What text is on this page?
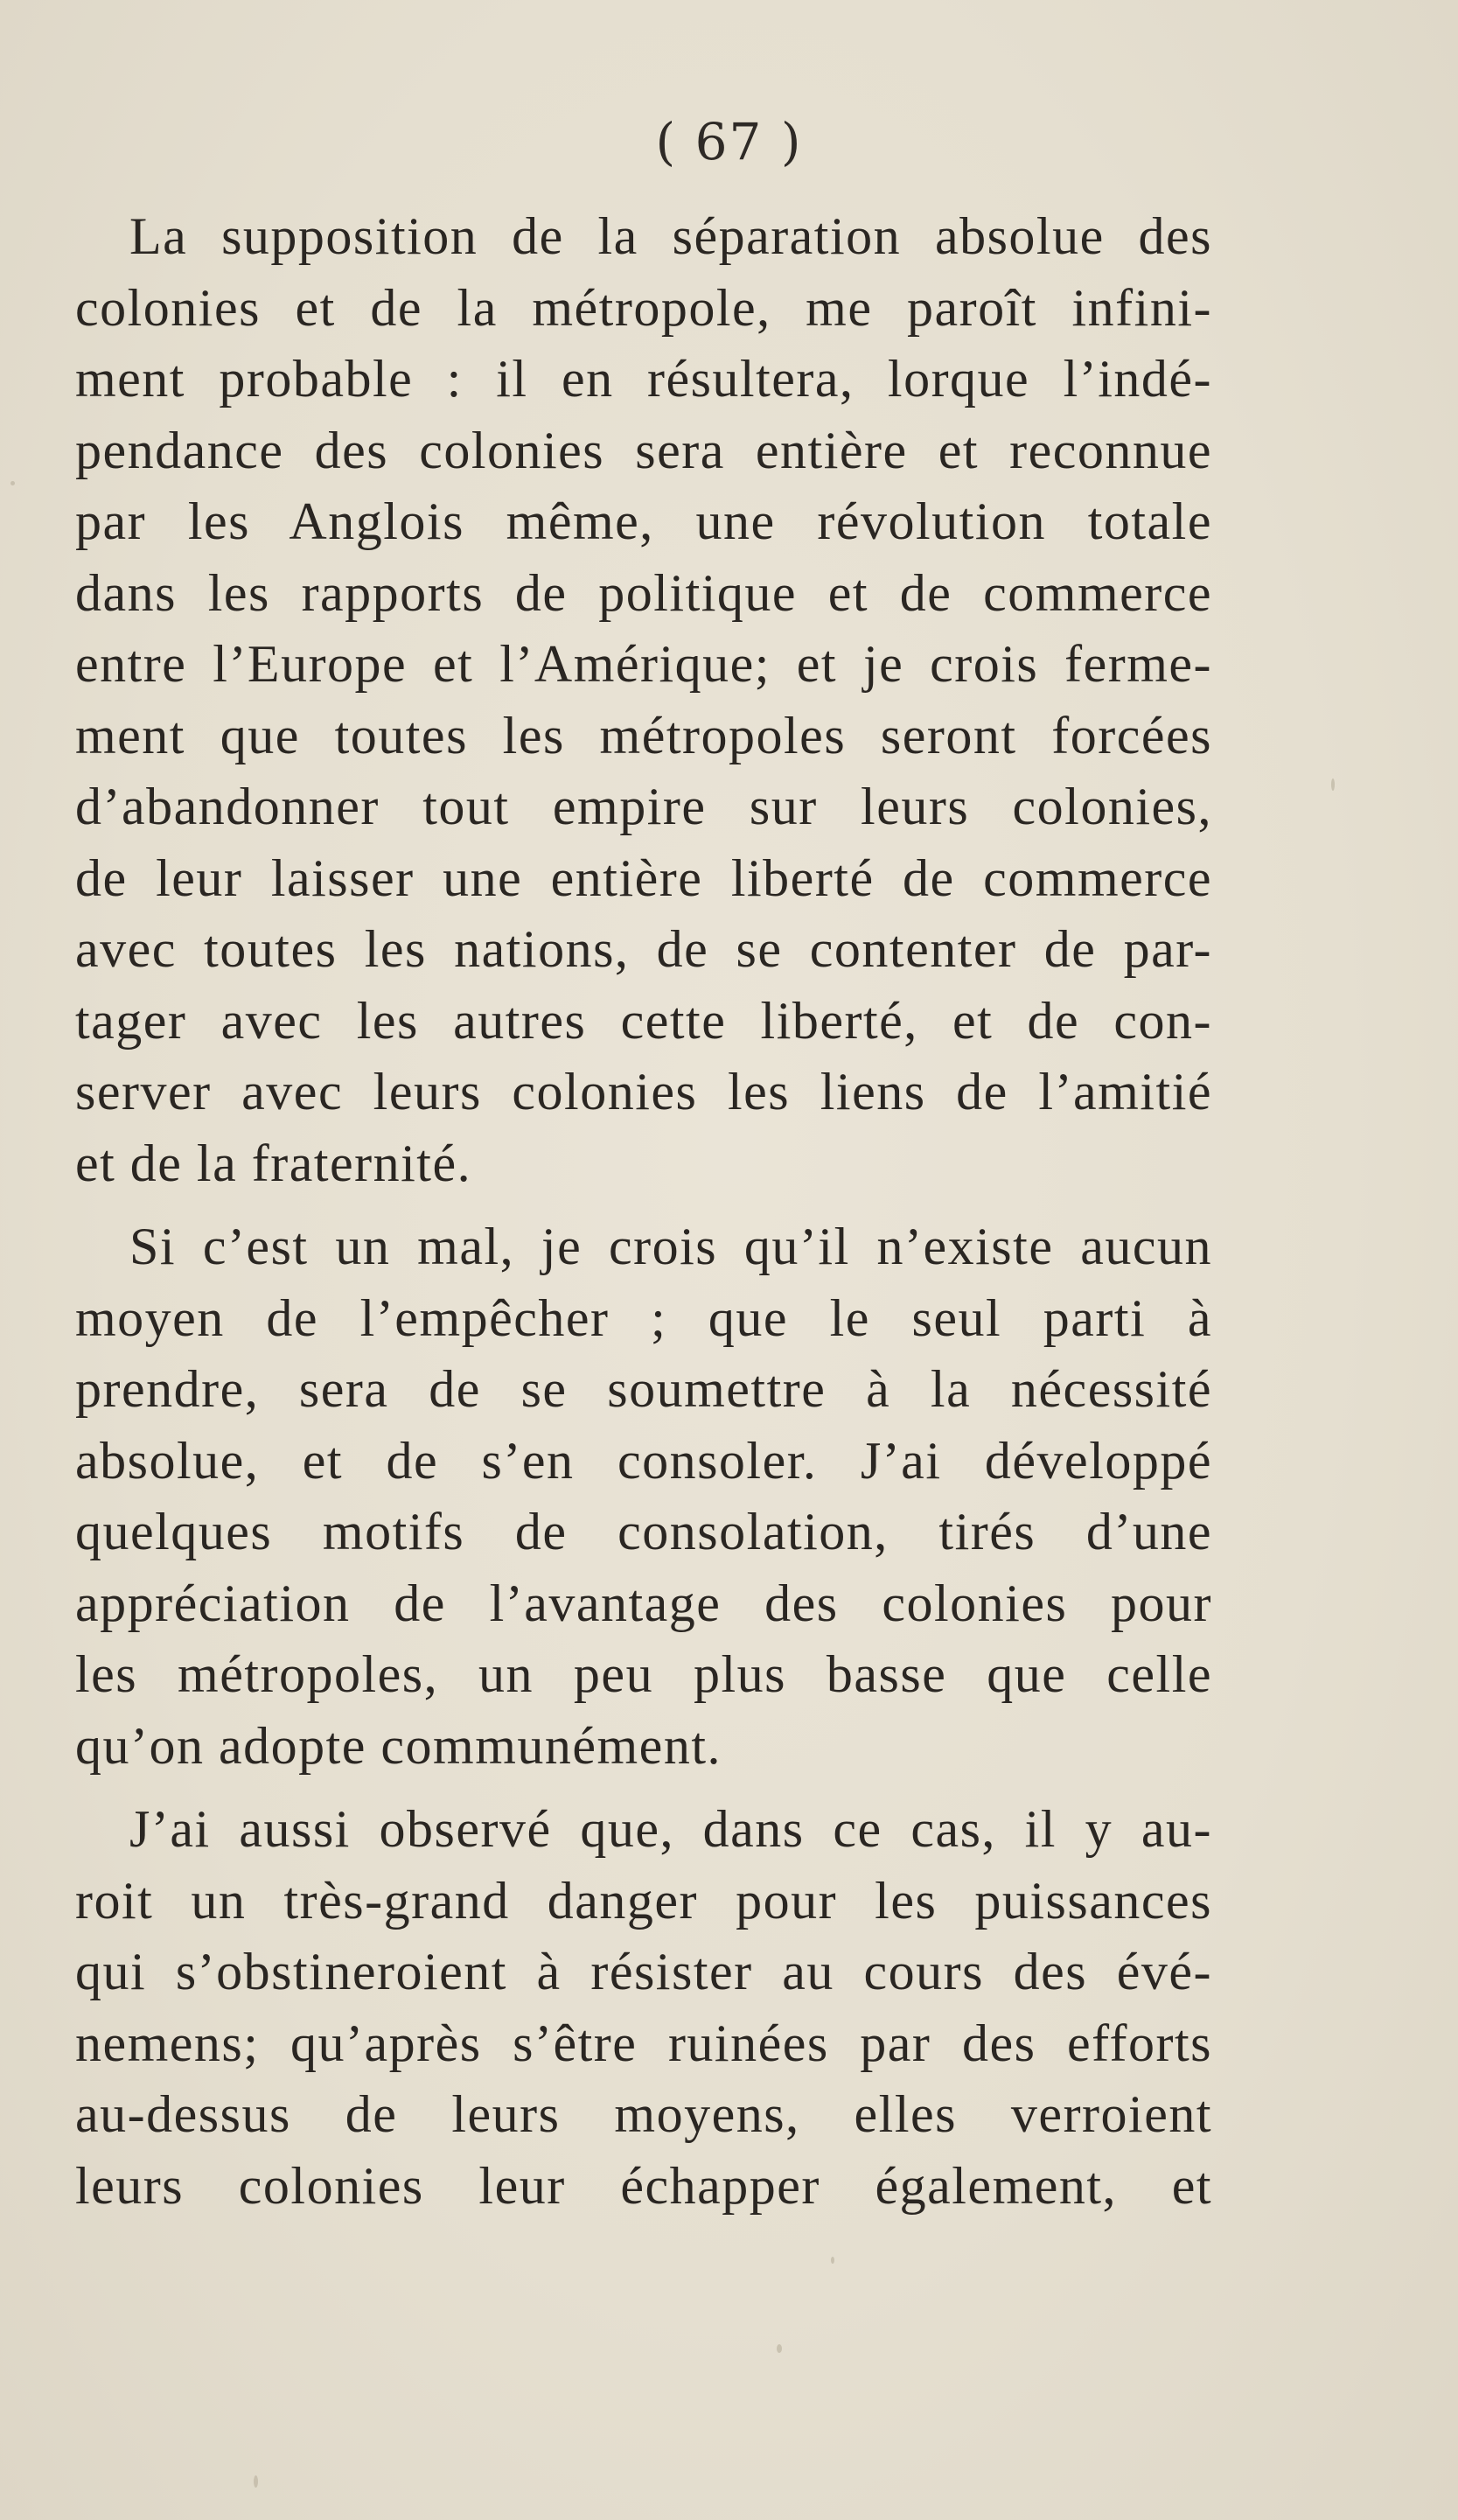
( 67 )
La supposition de la séparation absolue des
colonies et de la métropole, me paroît infini-
ment probable : il en résultera, lorque l’indé-
pendance des colonies sera entière et reconnue
par les Anglois même, une révolution totale
dans les rapports de politique et de commerce
entre l’Europe et l’Amérique; et je crois ferme-
ment que toutes les métropoles seront forcées
d’abandonner tout empire sur leurs colonies,
de leur laisser une entière liberté de commerce
avec toutes les nations, de se contenter de par-
tager avec les autres cette liberté, et de con-
server avec leurs colonies les liens de l’amitié
et de la fraternité.
Si c’est un mal, je crois qu’il n’existe aucun
moyen de l’empêcher ; que le seul parti à
prendre, sera de se soumettre à la nécessité
absolue, et de s’en consoler. J’ai développé
quelques motifs de consolation, tirés d’une
appréciation de l’avantage des colonies pour
les métropoles, un peu plus basse que celle
qu’on adopte communément.
J’ai aussi observé que, dans ce cas, il y au-
roit un très-grand danger pour les puissances
qui s’obstineroient à résister au cours des évé-
nemens; qu’après s’être ruinées par des efforts
au-dessus de leurs moyens, elles verroient
leurs colonies leur échapper également, et
